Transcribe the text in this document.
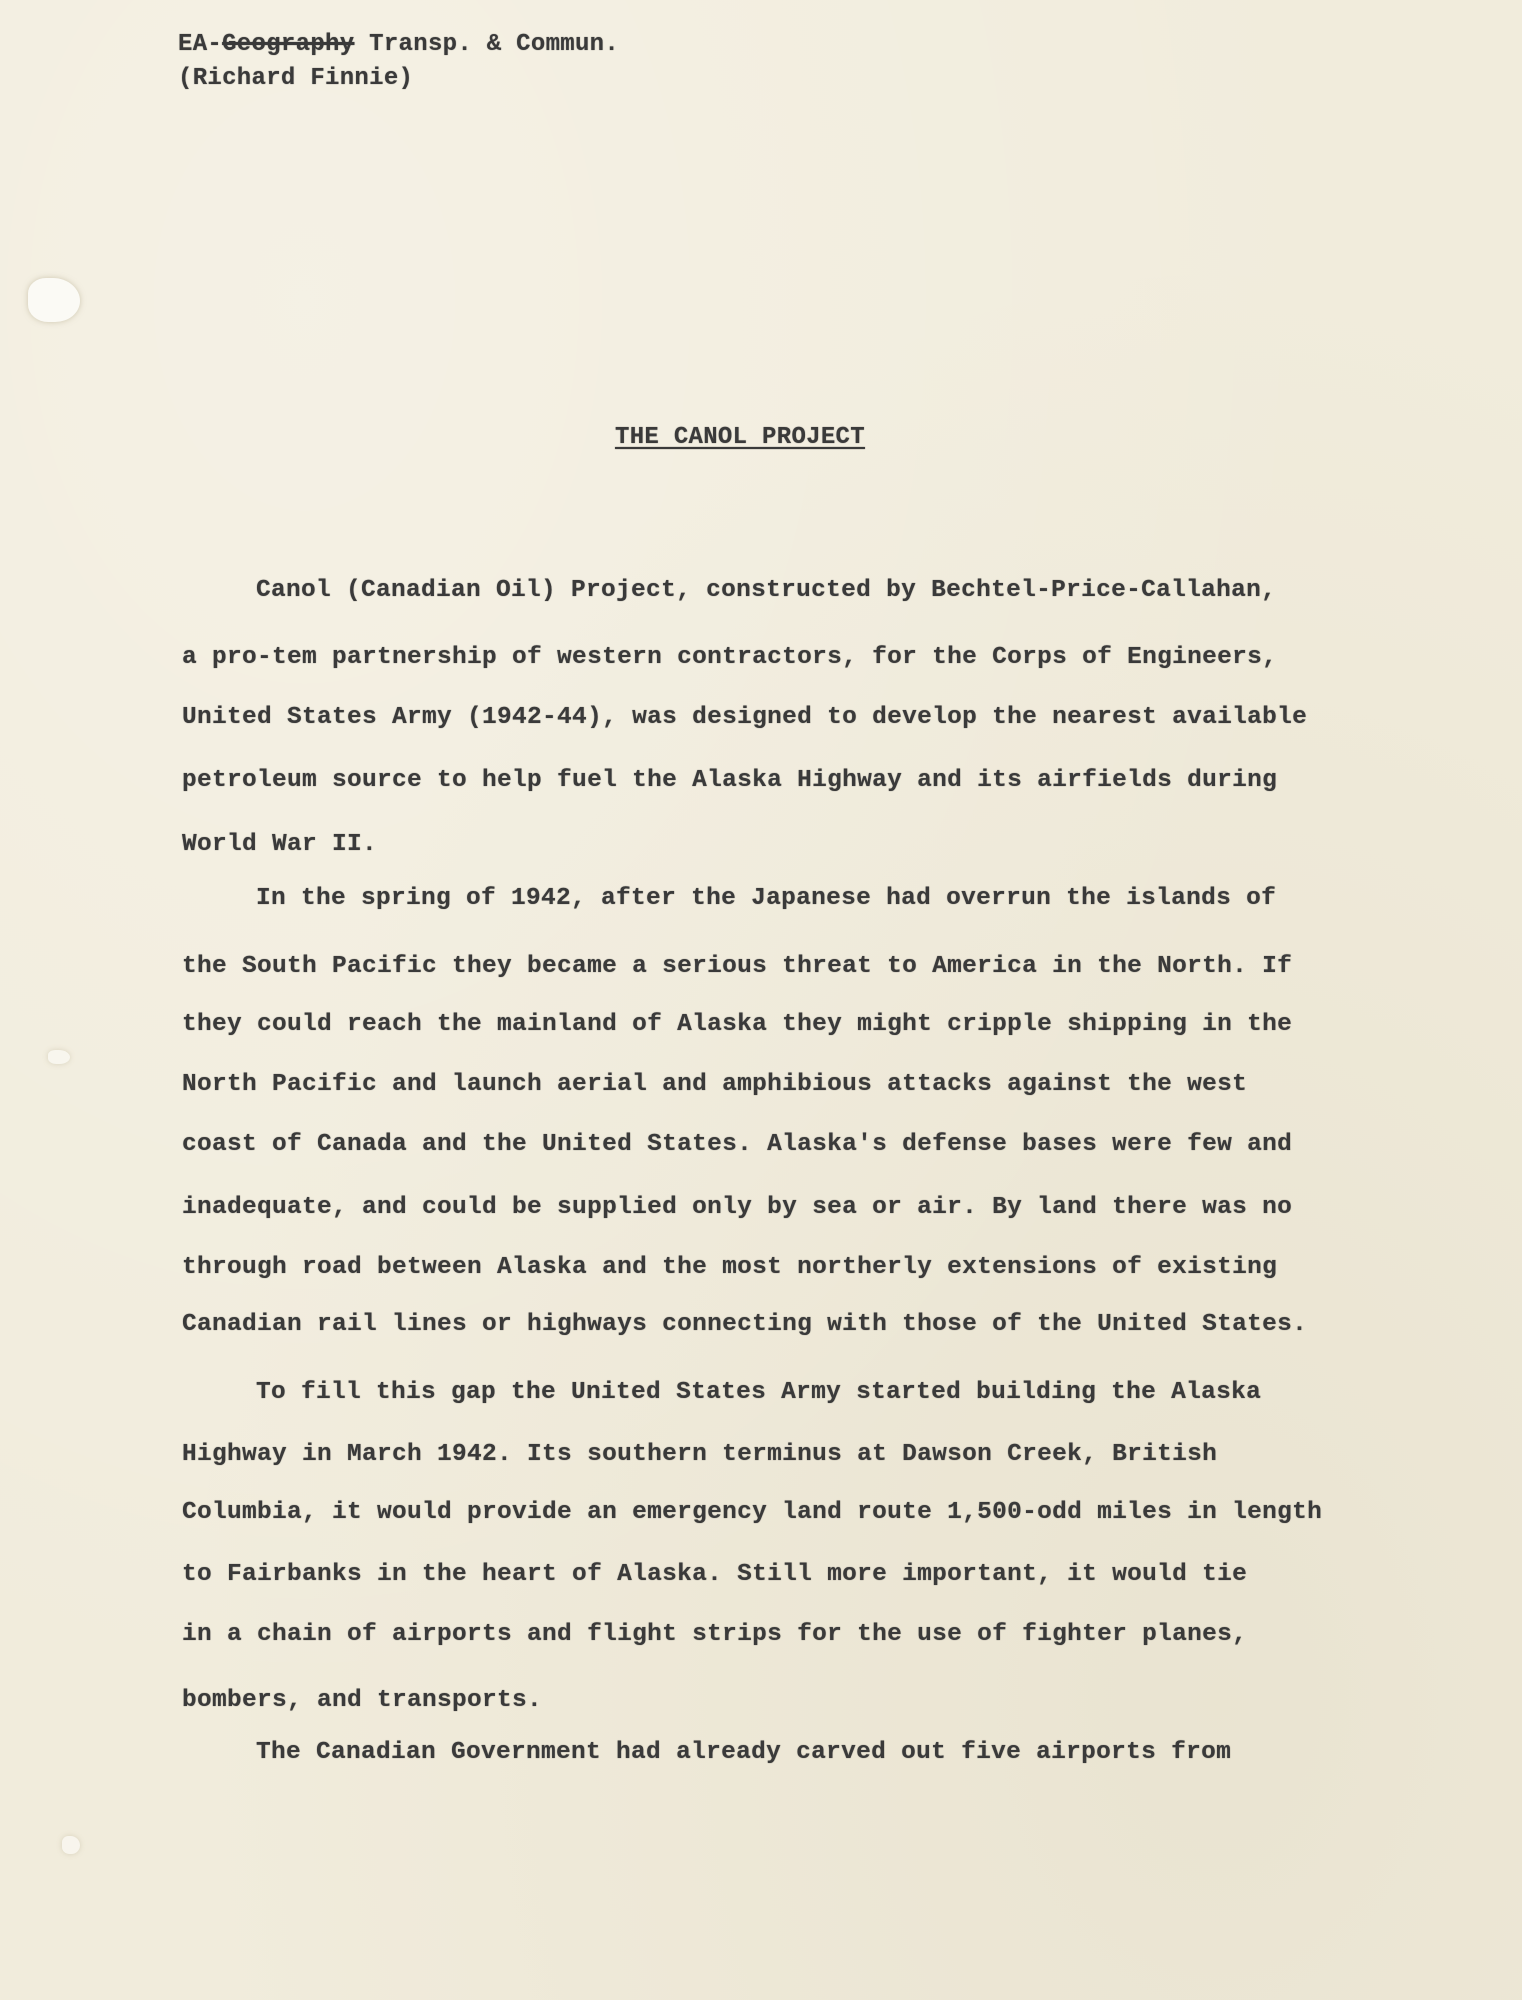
EA-Geography Transp. & Commun.
(Richard Finnie)
THE CANOL PROJECT
Canol (Canadian Oil) Project, constructed by Bechtel-Price-Callahan,
a pro-tem partnership of western contractors, for the Corps of Engineers,
United States Army (1942-44), was designed to develop the nearest available
petroleum source to help fuel the Alaska Highway and its airfields during
World War II.
In the spring of 1942, after the Japanese had overrun the islands of
the South Pacific they became a serious threat to America in the North. If
they could reach the mainland of Alaska they might cripple shipping in the
North Pacific and launch aerial and amphibious attacks against the west
coast of Canada and the United States. Alaska's defense bases were few and
inadequate, and could be supplied only by sea or air. By land there was no
through road between Alaska and the most northerly extensions of existing
Canadian rail lines or highways connecting with those of the United States.
To fill this gap the United States Army started building the Alaska
Highway in March 1942. Its southern terminus at Dawson Creek, British
Columbia, it would provide an emergency land route 1,500-odd miles in length
to Fairbanks in the heart of Alaska. Still more important, it would tie
in a chain of airports and flight strips for the use of fighter planes,
bombers, and transports.
The Canadian Government had already carved out five airports from
